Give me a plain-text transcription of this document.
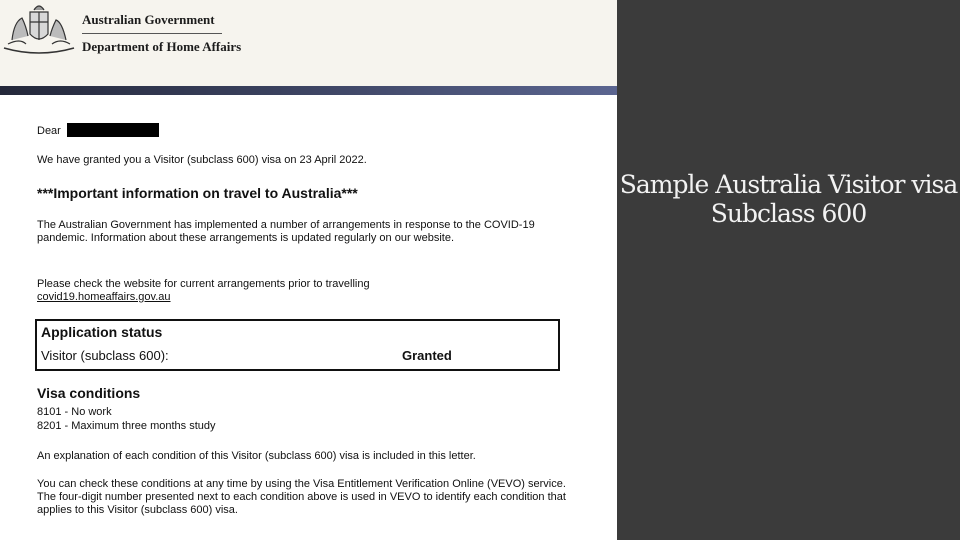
Australian Government
Department of Home Affairs

Dear

We have granted you a Visitor (subclass 600) visa on 23 April 2022.

***Important information on travel to Australia***

The Australian Government has implemented a number of arrangements in response to the COVID-19 pandemic. Information about these arrangements is updated regularly on our website.

Please check the website for current arrangements prior to travelling
covid19.homeaffairs.gov.au
Application status
Visitor (subclass 600):	Granted

Visa conditions

8101 - No work
8201 - Maximum three months study

An explanation of each condition of this Visitor (subclass 600) visa is included in this letter.

You can check these conditions at any time by using the Visa Entitlement Verification Online (VEVO) service. The four-digit number presented next to each condition above is used in VEVO to identify each condition that applies to this Visitor (subclass 600) visa.

Sample Australia Visitor visa Subclass 600
